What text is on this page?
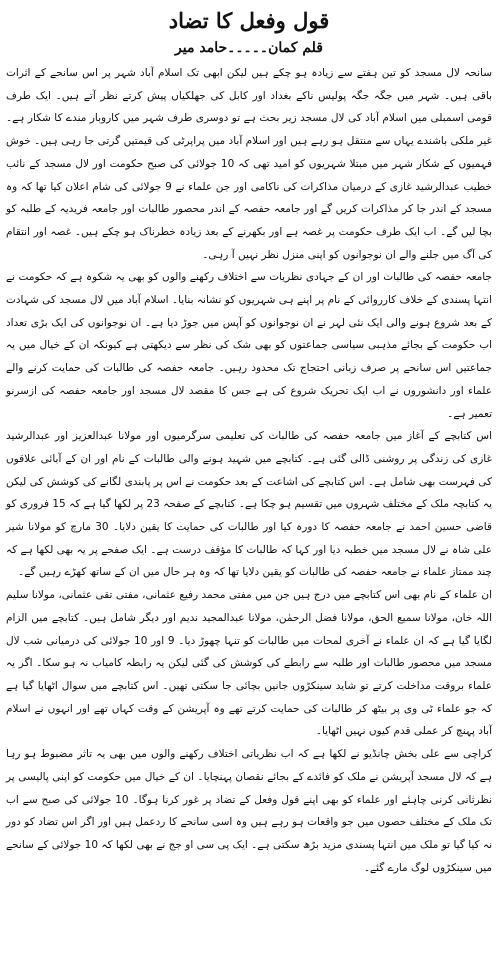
قول وفعل کا تضاد
قلم کمان۔۔۔۔۔حامد میر

سانحہ لال مسجد کو تین ہفتے سے زیادہ ہو چکے ہیں لیکن ابھی تک اسلام آباد شہر پر اس سانحے کے اثرات باقی ہیں۔ شہر میں جگہ جگہ پولیس ناکے بغداد اور کابل کی جھلکیاں پیش کرتے نظر آتے ہیں۔ ایک طرف قومی اسمبلی میں اسلام آباد کی لال مسجد زیر بحث ہے تو دوسری طرف شہر میں کاروبار مندے کا شکار ہے۔ غیر ملکی باشندے یہاں سے منتقل ہو رہے ہیں اور اسلام آباد میں پراپرٹی کی قیمتیں گرتی جا رہی ہیں۔ خوش فہمیوں کے شکار شہر میں مبتلا شہریوں کو امید تھی کہ 10 جولائی کی صبح حکومت اور لال مسجد کے نائب خطیب عبدالرشید غازی کے درمیان مذاکرات کی ناکامی اور جن علماء نے 9 جولائی کی شام اعلان کیا تھا کہ وہ مسجد کے اندر جا کر مذاکرات کریں گے اور جامعہ حفصہ کے اندر محصور طالبات اور جامعہ فریدیہ کے طلبہ کو بچا لیں گے۔ اب ایک طرف حکومت پر غصہ ہے اور بکھرنے کے بعد زیادہ خطرناک ہو چکے ہیں۔ غصہ اور انتقام کی آگ میں جلنے والے ان نوجوانوں کو اپنی منزل نظر نہیں آ رہی۔

جامعہ حفصہ کی طالبات اور ان کے جہادی نظریات سے اختلاف رکھنے والوں کو بھی یہ شکوہ ہے کہ حکومت نے انتہا پسندی کے خلاف کارروائی کے نام پر اپنے ہی شہریوں کو نشانہ بنایا۔ اسلام آباد میں لال مسجد کی شہادت کے بعد شروع ہونے والی ایک نئی لہر نے ان نوجوانوں کو آپس میں جوڑ دیا ہے۔ ان نوجوانوں کی ایک بڑی تعداد اب حکومت کے بجائے مذہبی سیاسی جماعتوں کو بھی شک کی نظر سے دیکھتی ہے کیونکہ ان کے خیال میں یہ جماعتیں اس سانحے پر صرف زبانی احتجاج تک محدود رہیں۔ جامعہ حفصہ کی طالبات کی حمایت کرنے والے علماء اور دانشوروں نے اب ایک تحریک شروع کی ہے جس کا مقصد لال مسجد اور جامعہ حفصہ کی ازسرنو تعمیر ہے۔

اس کتابچے کے آغاز میں جامعہ حفصہ کی طالبات کی تعلیمی سرگرمیوں اور مولانا عبدالعزیز اور عبدالرشید غازی کی زندگی پر روشنی ڈالی گئی ہے۔ کتابچے میں شہید ہونے والی طالبات کے نام اور ان کے آبائی علاقوں کی فہرست بھی شامل ہے۔ اس کتابچے کی اشاعت کے بعد حکومت نے اس پر پابندی لگانے کی کوشش کی لیکن یہ کتابچہ ملک کے مختلف شہروں میں تقسیم ہو چکا ہے۔ کتابچے کے صفحہ 23 پر لکھا گیا ہے کہ 15 فروری کو قاضی حسین احمد نے جامعہ حفصہ کا دورہ کیا اور طالبات کی حمایت کا یقین دلایا۔ 30 مارچ کو مولانا شیر علی شاہ نے لال مسجد میں خطبہ دیا اور کہا کہ طالبات کا مؤقف درست ہے۔ ایک صفحے پر یہ بھی لکھا ہے کہ چند ممتاز علماء نے جامعہ حفصہ کی طالبات کو یقین دلایا تھا کہ وہ ہر حال میں ان کے ساتھ کھڑے رہیں گے۔

ان علماء کے نام بھی اس کتابچے میں درج ہیں جن میں مفتی محمد رفیع عثمانی، مفتی تقی عثمانی، مولانا سلیم اللہ خان، مولانا سمیع الحق، مولانا فضل الرحمٰن، مولانا عبدالمجید ندیم اور دیگر شامل ہیں۔ کتابچے میں الزام لگایا گیا ہے کہ ان علماء نے آخری لمحات میں طالبات کو تنہا چھوڑ دیا۔ 9 اور 10 جولائی کی درمیانی شب لال مسجد میں محصور طالبات اور طلبہ سے رابطے کی کوشش کی گئی لیکن یہ رابطہ کامیاب نہ ہو سکا۔ اگر یہ علماء بروقت مداخلت کرتے تو شاید سینکڑوں جانیں بچائی جا سکتی تھیں۔ اس کتابچے میں سوال اٹھایا گیا ہے کہ جو علماء ٹی وی پر بیٹھ کر طالبات کی حمایت کرتے تھے وہ آپریشن کے وقت کہاں تھے اور انہوں نے اسلام آباد پہنچ کر عملی قدم کیوں نہیں اٹھایا۔

کراچی سے علی بخش چانڈیو نے لکھا ہے کہ اب نظریاتی اختلاف رکھنے والوں میں بھی یہ تاثر مضبوط ہو رہا ہے کہ لال مسجد آپریشن نے ملک کو فائدے کے بجائے نقصان پہنچایا۔ ان کے خیال میں حکومت کو اپنی پالیسی پر نظرثانی کرنی چاہئے اور علماء کو بھی اپنے قول وفعل کے تضاد پر غور کرنا ہوگا۔ 10 جولائی کی صبح سے اب تک ملک کے مختلف حصوں میں جو واقعات ہو رہے ہیں وہ اسی سانحے کا ردعمل ہیں اور اگر اس تضاد کو دور نہ کیا گیا تو ملک میں انتہا پسندی مزید بڑھ سکتی ہے۔ ایک پی سی او جج نے بھی لکھا کہ 10 جولائی کے سانحے میں سینکڑوں لوگ مارے گئے۔
